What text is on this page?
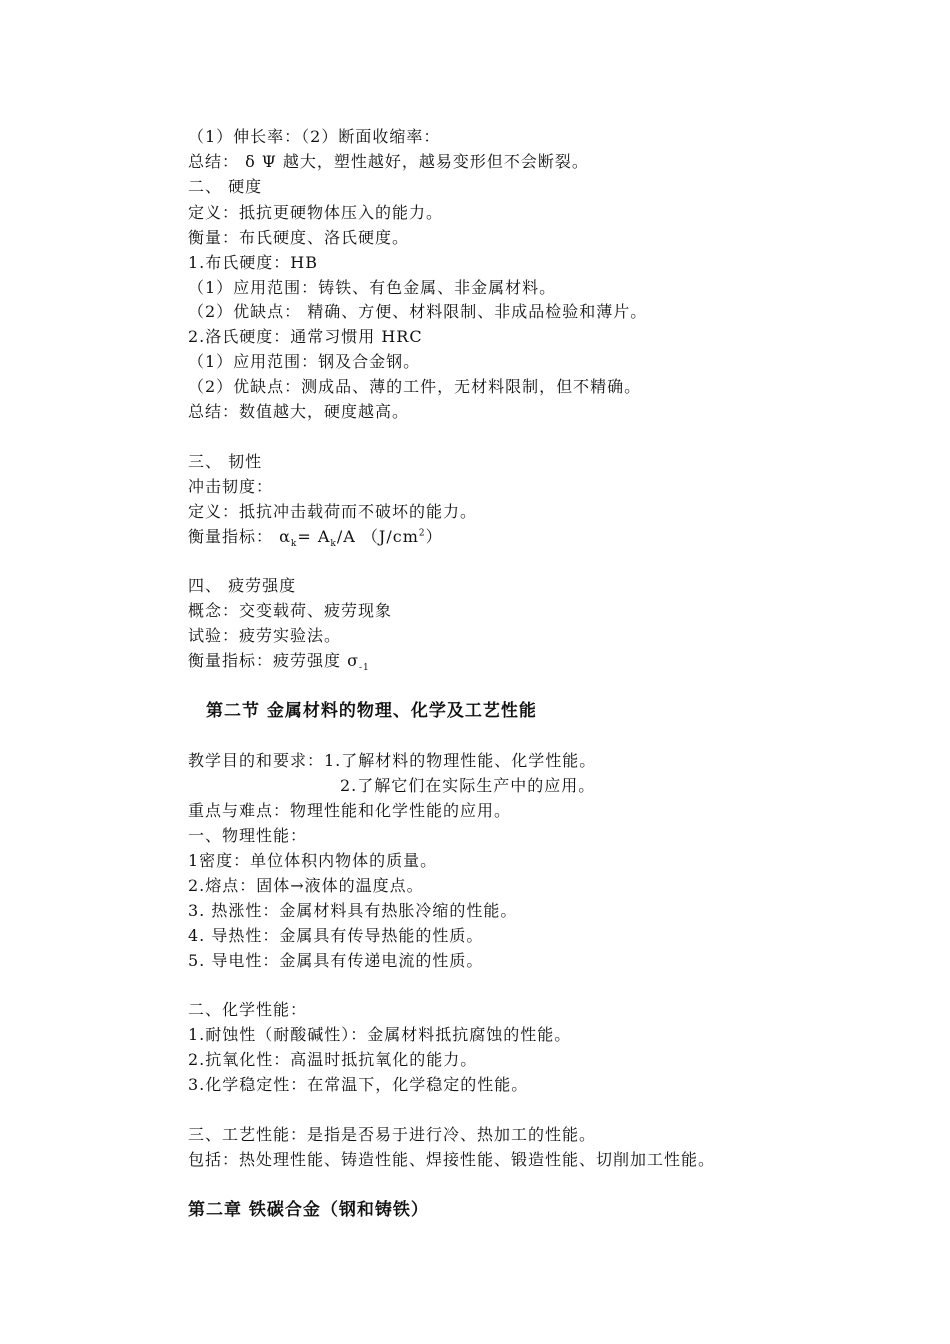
（1）伸长率：（2）断面收缩率：
总结： δ Ψ 越大，塑性越好，越易变形但不会断裂。
二、 硬度
定义：抵抗更硬物体压入的能力。
衡量：布氏硬度、洛氏硬度。
1.布氏硬度：HB
（1）应用范围：铸铁、有色金属、非金属材料。
（2）优缺点： 精确、方便、材料限制、非成品检验和薄片。
2.洛氏硬度：通常习惯用 HRC
（1）应用范围：钢及合金钢。
（2）优缺点：测成品、薄的工件，无材料限制，但不精确。
总结：数值越大，硬度越高。
三、 韧性
冲击韧度：
定义：抵抗冲击载荷而不破坏的能力。
衡量指标： $\alpha_k= A_k/A$ $(J/cm^2)$
四、 疲劳强度
概念：交变载荷、疲劳现象
试验：疲劳实验法。
衡量指标：疲劳强度 $\sigma_{-1}$
第二节 金属材料的物理、化学及工艺性能
教学目的和要求：1.了解材料的物理性能、化学性能。
2.了解它们在实际生产中的应用。
重点与难点：物理性能和化学性能的应用。
一、物理性能：
1密度：单位体积内物体的质量。
2.熔点：固体→液体的温度点。
3. 热涨性：金属材料具有热胀冷缩的性能。
4. 导热性：金属具有传导热能的性质。
5. 导电性：金属具有传递电流的性质。
二、化学性能：
1.耐蚀性（耐酸碱性）：金属材料抵抗腐蚀的性能。
2.抗氧化性：高温时抵抗氧化的能力。
3.化学稳定性：在常温下，化学稳定的性能。
三、工艺性能：是指是否易于进行冷、热加工的性能。
包括：热处理性能、铸造性能、焊接性能、锻造性能、切削加工性能。
第二章 铁碳合金（钢和铸铁）
